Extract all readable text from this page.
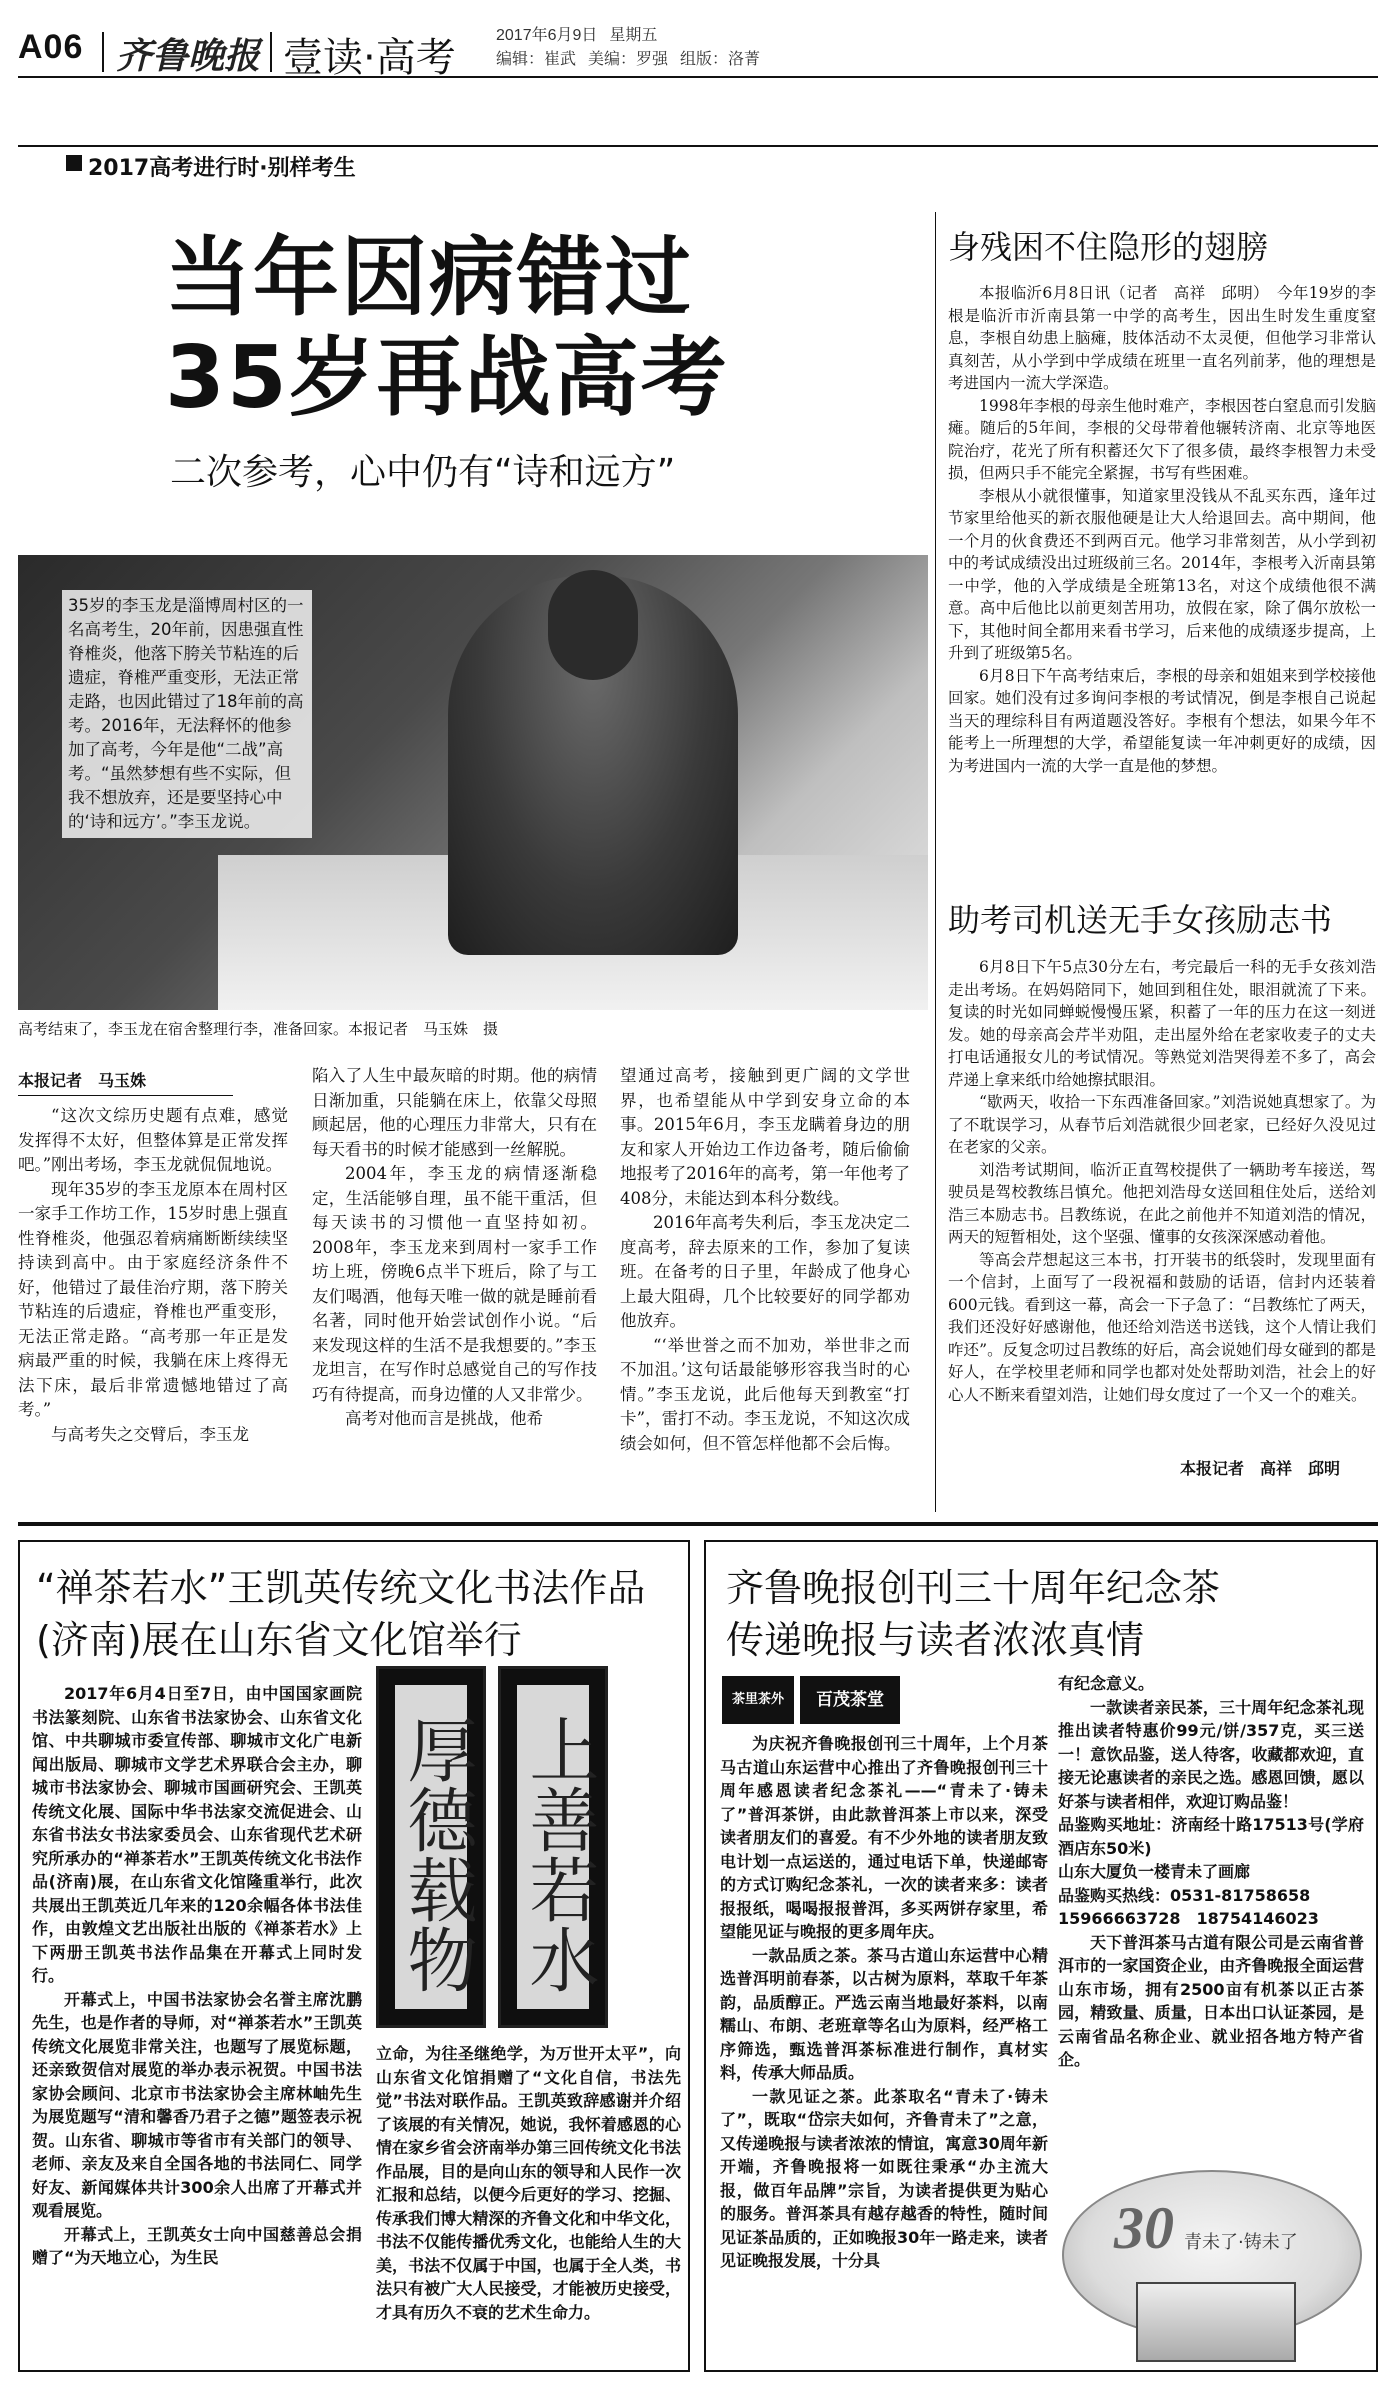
A06 齐鲁晚报 壹读·高考	2017年6月9日 星期五
编辑：崔武 美编：罗强 组版：洛菁
2017高考进行时·别样考生
当年因病错过
35岁再战高考
二次参考，心中仍有“诗和远方”
35岁的李玉龙是淄博周村区的一名高考生，20年前，因患强直性脊椎炎，他落下胯关节粘连的后遗症，脊椎严重变形，无法正常走路，也因此错过了18年前的高考。2016年，无法释怀的他参加了高考，今年是他“二战”高考。“虽然梦想有些不实际，但我不想放弃，还是要坚持心中的‘诗和远方’。”李玉龙说。
高考结束了，李玉龙在宿舍整理行李，准备回家。本报记者　马玉姝　摄
本报记者　马玉姝

“这次文综历史题有点难，感觉发挥得不太好，但整体算是正常发挥吧。”刚出考场，李玉龙就侃侃地说。

现年35岁的李玉龙原本在周村区一家手工作坊工作，15岁时患上强直性脊椎炎，他强忍着病痛断断续续坚持读到高中。由于家庭经济条件不好，他错过了最佳治疗期，落下胯关节粘连的后遗症，脊椎也严重变形，无法正常走路。“高考那一年正是发病最严重的时候，我躺在床上疼得无法下床，最后非常遗憾地错过了高考。”

与高考失之交臂后，李玉龙

陷入了人生中最灰暗的时期。他的病情日渐加重，只能躺在床上，依靠父母照顾起居，他的心理压力非常大，只有在每天看书的时候才能感到一丝解脱。

2004年，李玉龙的病情逐渐稳定，生活能够自理，虽不能干重活，但每天读书的习惯他一直坚持如初。2008年，李玉龙来到周村一家手工作坊上班，傍晚6点半下班后，除了与工友们喝酒，他每天唯一做的就是睡前看名著，同时他开始尝试创作小说。“后来发现这样的生活不是我想要的。”李玉龙坦言，在写作时总感觉自己的写作技巧有待提高，而身边懂的人又非常少。

高考对他而言是挑战，他希

望通过高考，接触到更广阔的文学世界，也希望能从中学到安身立命的本事。2015年6月，李玉龙瞒着身边的朋友和家人开始边工作边备考，随后偷偷地报考了2016年的高考，第一年他考了408分，未能达到本科分数线。

2016年高考失利后，李玉龙决定二度高考，辞去原来的工作，参加了复读班。在备考的日子里，年龄成了他身心上最大阻碍，几个比较要好的同学都劝他放弃。

“‘举世誉之而不加劝，举世非之而不加沮。’这句话最能够形容我当时的心情。”李玉龙说，此后他每天到教室“打卡”，雷打不动。李玉龙说，不知这次成绩会如何，但不管怎样他都不会后悔。

身残困不住隐形的翅膀

本报临沂6月8日讯（记者　高祥　邱明）　今年19岁的李根是临沂市沂南县第一中学的高考生，因出生时发生重度窒息，李根自幼患上脑瘫，肢体活动不太灵便，但他学习非常认真刻苦，从小学到中学成绩在班里一直名列前茅，他的理想是考进国内一流大学深造。

1998年李根的母亲生他时难产，李根因苍白窒息而引发脑瘫。随后的5年间，李根的父母带着他辗转济南、北京等地医院治疗，花光了所有积蓄还欠下了很多债，最终李根智力未受损，但两只手不能完全紧握，书写有些困难。

李根从小就很懂事，知道家里没钱从不乱买东西，逢年过节家里给他买的新衣服他硬是让大人给退回去。高中期间，他一个月的伙食费还不到两百元。他学习非常刻苦，从小学到初中的考试成绩没出过班级前三名。2014年，李根考入沂南县第一中学，他的入学成绩是全班第13名，对这个成绩他很不满意。高中后他比以前更刻苦用功，放假在家，除了偶尔放松一下，其他时间全都用来看书学习，后来他的成绩逐步提高，上升到了班级第5名。

6月8日下午高考结束后，李根的母亲和姐姐来到学校接他回家。她们没有过多询问李根的考试情况，倒是李根自己说起当天的理综科目有两道题没答好。李根有个想法，如果今年不能考上一所理想的大学，希望能复读一年冲刺更好的成绩，因为考进国内一流的大学一直是他的梦想。

助考司机送无手女孩励志书

6月8日下午5点30分左右，考完最后一科的无手女孩刘浩走出考场。在妈妈陪同下，她回到租住处，眼泪就流了下来。复读的时光如同蝉蜕慢慢压紧，积蓄了一年的压力在这一刻迸发。她的母亲高会芹半劝阻，走出屋外给在老家收麦子的丈夫打电话通报女儿的考试情况。等熟觉刘浩哭得差不多了，高会芹递上拿来纸巾给她擦拭眼泪。

“歇两天，收拾一下东西准备回家。”刘浩说她真想家了。为了不耽误学习，从春节后刘浩就很少回老家，已经好久没见过在老家的父亲。

刘浩考试期间，临沂正直驾校提供了一辆助考车接送，驾驶员是驾校教练吕慎允。他把刘浩母女送回租住处后，送给刘浩三本励志书。吕教练说，在此之前他并不知道刘浩的情况，两天的短暂相处，这个坚强、懂事的女孩深深感动着他。

等高会芹想起这三本书，打开装书的纸袋时，发现里面有一个信封，上面写了一段祝福和鼓励的话语，信封内还装着600元钱。看到这一幕，高会一下子急了：“吕教练忙了两天，我们还没好好感谢他，他还给刘浩送书送钱，这个人情让我们咋还”。反复念叨过吕教练的好后，高会说她们母女碰到的都是好人，在学校里老师和同学也都对处处帮助刘浩，社会上的好心人不断来看望刘浩，让她们母女度过了一个又一个的难关。

本报记者　高祥　邱明
“禅茶若水”王凯英传统文化书法作品
(济南)展在山东省文化馆举行

2017年6月4日至7日，由中国国家画院书法篆刻院、山东省书法家协会、山东省文化馆、中共聊城市委宣传部、聊城市文化广电新闻出版局、聊城市文学艺术界联合会主办，聊城市书法家协会、聊城市国画研究会、王凯英传统文化展、国际中华书法家交流促进会、山东省书法女书法家委员会、山东省现代艺术研究所承办的“禅茶若水”王凯英传统文化书法作品(济南)展，在山东省文化馆隆重举行，此次共展出王凯英近几年来的120余幅各体书法佳作，由敦煌文艺出版社出版的《禅茶若水》上下两册王凯英书法作品集在开幕式上同时发行。

开幕式上，中国书法家协会名誉主席沈鹏先生，也是作者的导师，对“禅茶若水”王凯英传统文化展览非常关注，也题写了展览标题，还亲致贺信对展览的举办表示祝贺。中国书法家协会顾问、北京市书法家协会主席林岫先生为展览题写“清和馨香乃君子之德”题签表示祝贺。山东省、聊城市等省市有关部门的领导、老师、亲友及来自全国各地的书法同仁、同学好友、新闻媒体共计300余人出席了开幕式并观看展览。

开幕式上，王凯英女士向中国慈善总会捐赠了“为天地立心，为生民

厚德载物 上善若水
立命，为往圣继绝学，为万世开太平”，向山东省文化馆捐赠了“文化自信，书法先觉”书法对联作品。王凯英致辞感谢并介绍了该展的有关情况，她说，我怀着感恩的心情在家乡省会济南举办第三回传统文化书法作品展，目的是向山东的领导和人民作一次汇报和总结，以便今后更好的学习、挖掘、传承我们博大精深的齐鲁文化和中华文化，书法不仅能传播优秀文化，也能给人生的大美，书法不仅属于中国，也属于全人类，书法只有被广大人民接受，才能被历史接受，才具有历久不衰的艺术生命力。
齐鲁晚报创刊三十周年纪念茶
传递晚报与读者浓浓真情
茶里茶外	百茂茶堂

为庆祝齐鲁晚报创刊三十周年，上个月茶马古道山东运营中心推出了齐鲁晚报创刊三十周年感恩读者纪念茶礼——“青未了·铸未了”普洱茶饼，由此款普洱茶上市以来，深受读者朋友们的喜爱。有不少外地的读者朋友致电计划一点运送的，通过电话下单，快递邮寄的方式订购纪念茶礼，一次的读者来多：读者报报纸，喝喝报报普洱，多买两饼存家里，希望能见证与晚报的更多周年庆。

一款品质之茶。茶马古道山东运营中心精选普洱明前春茶，以古树为原料，萃取千年茶韵，品质醇正。严选云南当地最好茶料，以南糯山、布朗、老班章等名山为原料，经严格工序筛选，甄选普洱茶标准进行制作，真材实料，传承大师品质。

一款见证之茶。此茶取名“青未了·铸未了”，既取“岱宗夫如何，齐鲁青未了”之意，又传递晚报与读者浓浓的情谊，寓意30周年新开端，齐鲁晚报将一如既往秉承“办主流大报，做百年品牌”宗旨，为读者提供更为贴心的服务。普洱茶具有越存越香的特性，随时间见证茶品质的，正如晚报30年一路走来，读者见证晚报发展，十分具

有纪念意义。

一款读者亲民茶，三十周年纪念茶礼现推出读者特惠价99元/饼/357克，买三送一！意饮品鉴，送人待客，收藏都欢迎，直接无论惠读者的亲民之选。感恩回馈，愿以好茶与读者相伴，欢迎订购品鉴！

品鉴购买地址：济南经十路17513号(学府酒店东50米)

山东大厦负一楼青未了画廊

品鉴购买热线：0531-81758658

15966663728　18754146023

天下普洱茶马古道有限公司是云南省普洱市的一家国资企业，由齐鲁晚报全面运营山东市场，拥有2500亩有机茶以正古茶园，精致量、质量，日本出口认证茶园，是云南省品名称企业、就业招各地方特产省企。

30 青未了·铸未了
